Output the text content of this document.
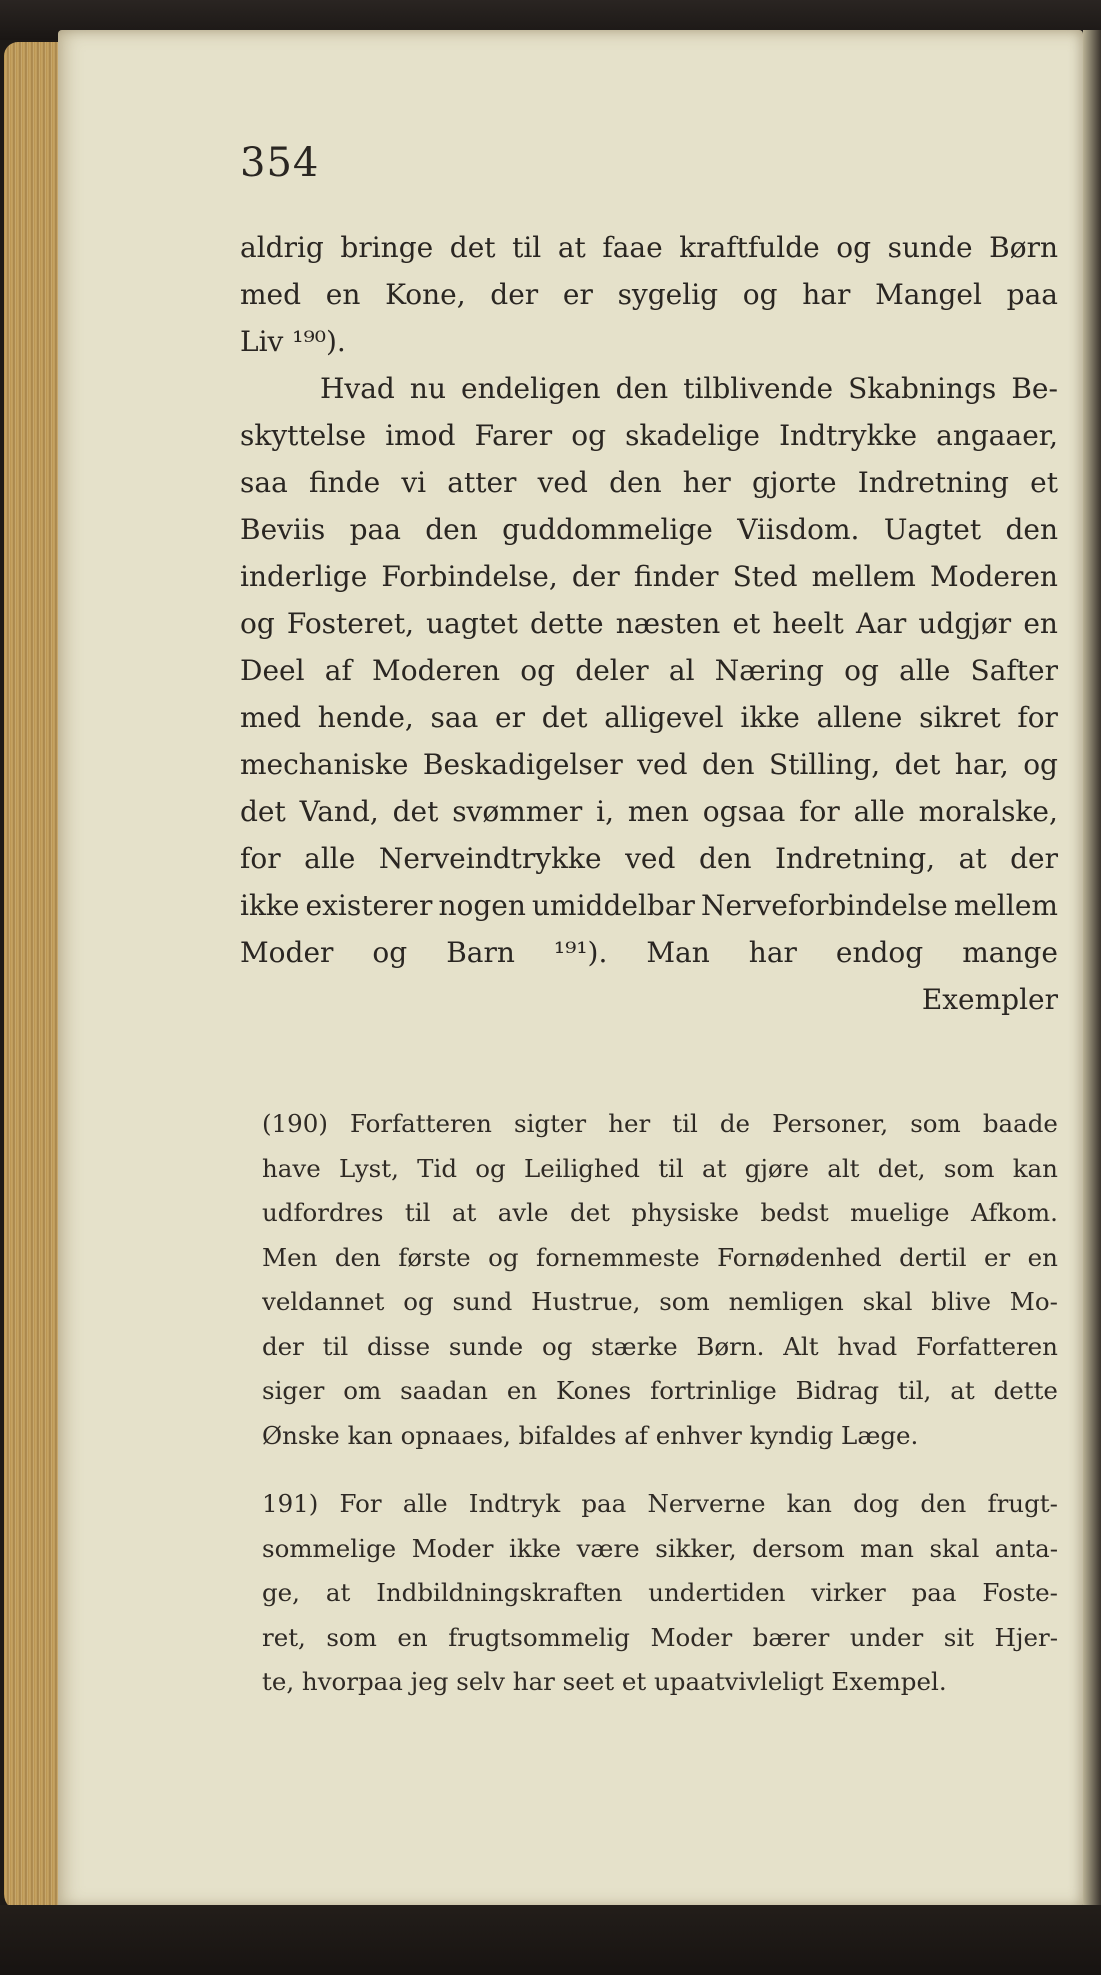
354
aldrig bringe det til at faae kraftfulde og sunde Børn
med en Kone, der er sygelig og har Mangel paa
Liv ¹⁹⁰).
Hvad nu endeligen den tilblivende Skabnings Be-
skyttelse imod Farer og skadelige Indtrykke angaaer,
saa finde vi atter ved den her gjorte Indretning et
Beviis paa den guddommelige Viisdom. Uagtet den
inderlige Forbindelse, der finder Sted mellem Moderen
og Fosteret, uagtet dette næsten et heelt Aar udgjør en
Deel af Moderen og deler al Næring og alle Safter
med hende, saa er det alligevel ikke allene sikret for
mechaniske Beskadigelser ved den Stilling, det har, og
det Vand, det svømmer i, men ogsaa for alle moralske,
for alle Nerveindtrykke ved den Indretning, at der
ikke existerer nogen umiddelbar Nerveforbindelse mellem
Moder og Barn ¹⁹¹). Man har endog mange
Exempler
(190) Forfatteren sigter her til de Personer, som baade
have Lyst, Tid og Leilighed til at gjøre alt det, som kan
udfordres til at avle det physiske bedst muelige Afkom.
Men den første og fornemmeste Fornødenhed dertil er en
veldannet og sund Hustrue, som nemligen skal blive Mo-
der til disse sunde og stærke Børn. Alt hvad Forfatteren
siger om saadan en Kones fortrinlige Bidrag til, at dette
Ønske kan opnaaes, bifaldes af enhver kyndig Læge.
191) For alle Indtryk paa Nerverne kan dog den frugt-
sommelige Moder ikke være sikker, dersom man skal anta-
ge, at Indbildningskraften undertiden virker paa Foste-
ret, som en frugtsommelig Moder bærer under sit Hjer-
te, hvorpaa jeg selv har seet et upaatvivleligt Exempel.
